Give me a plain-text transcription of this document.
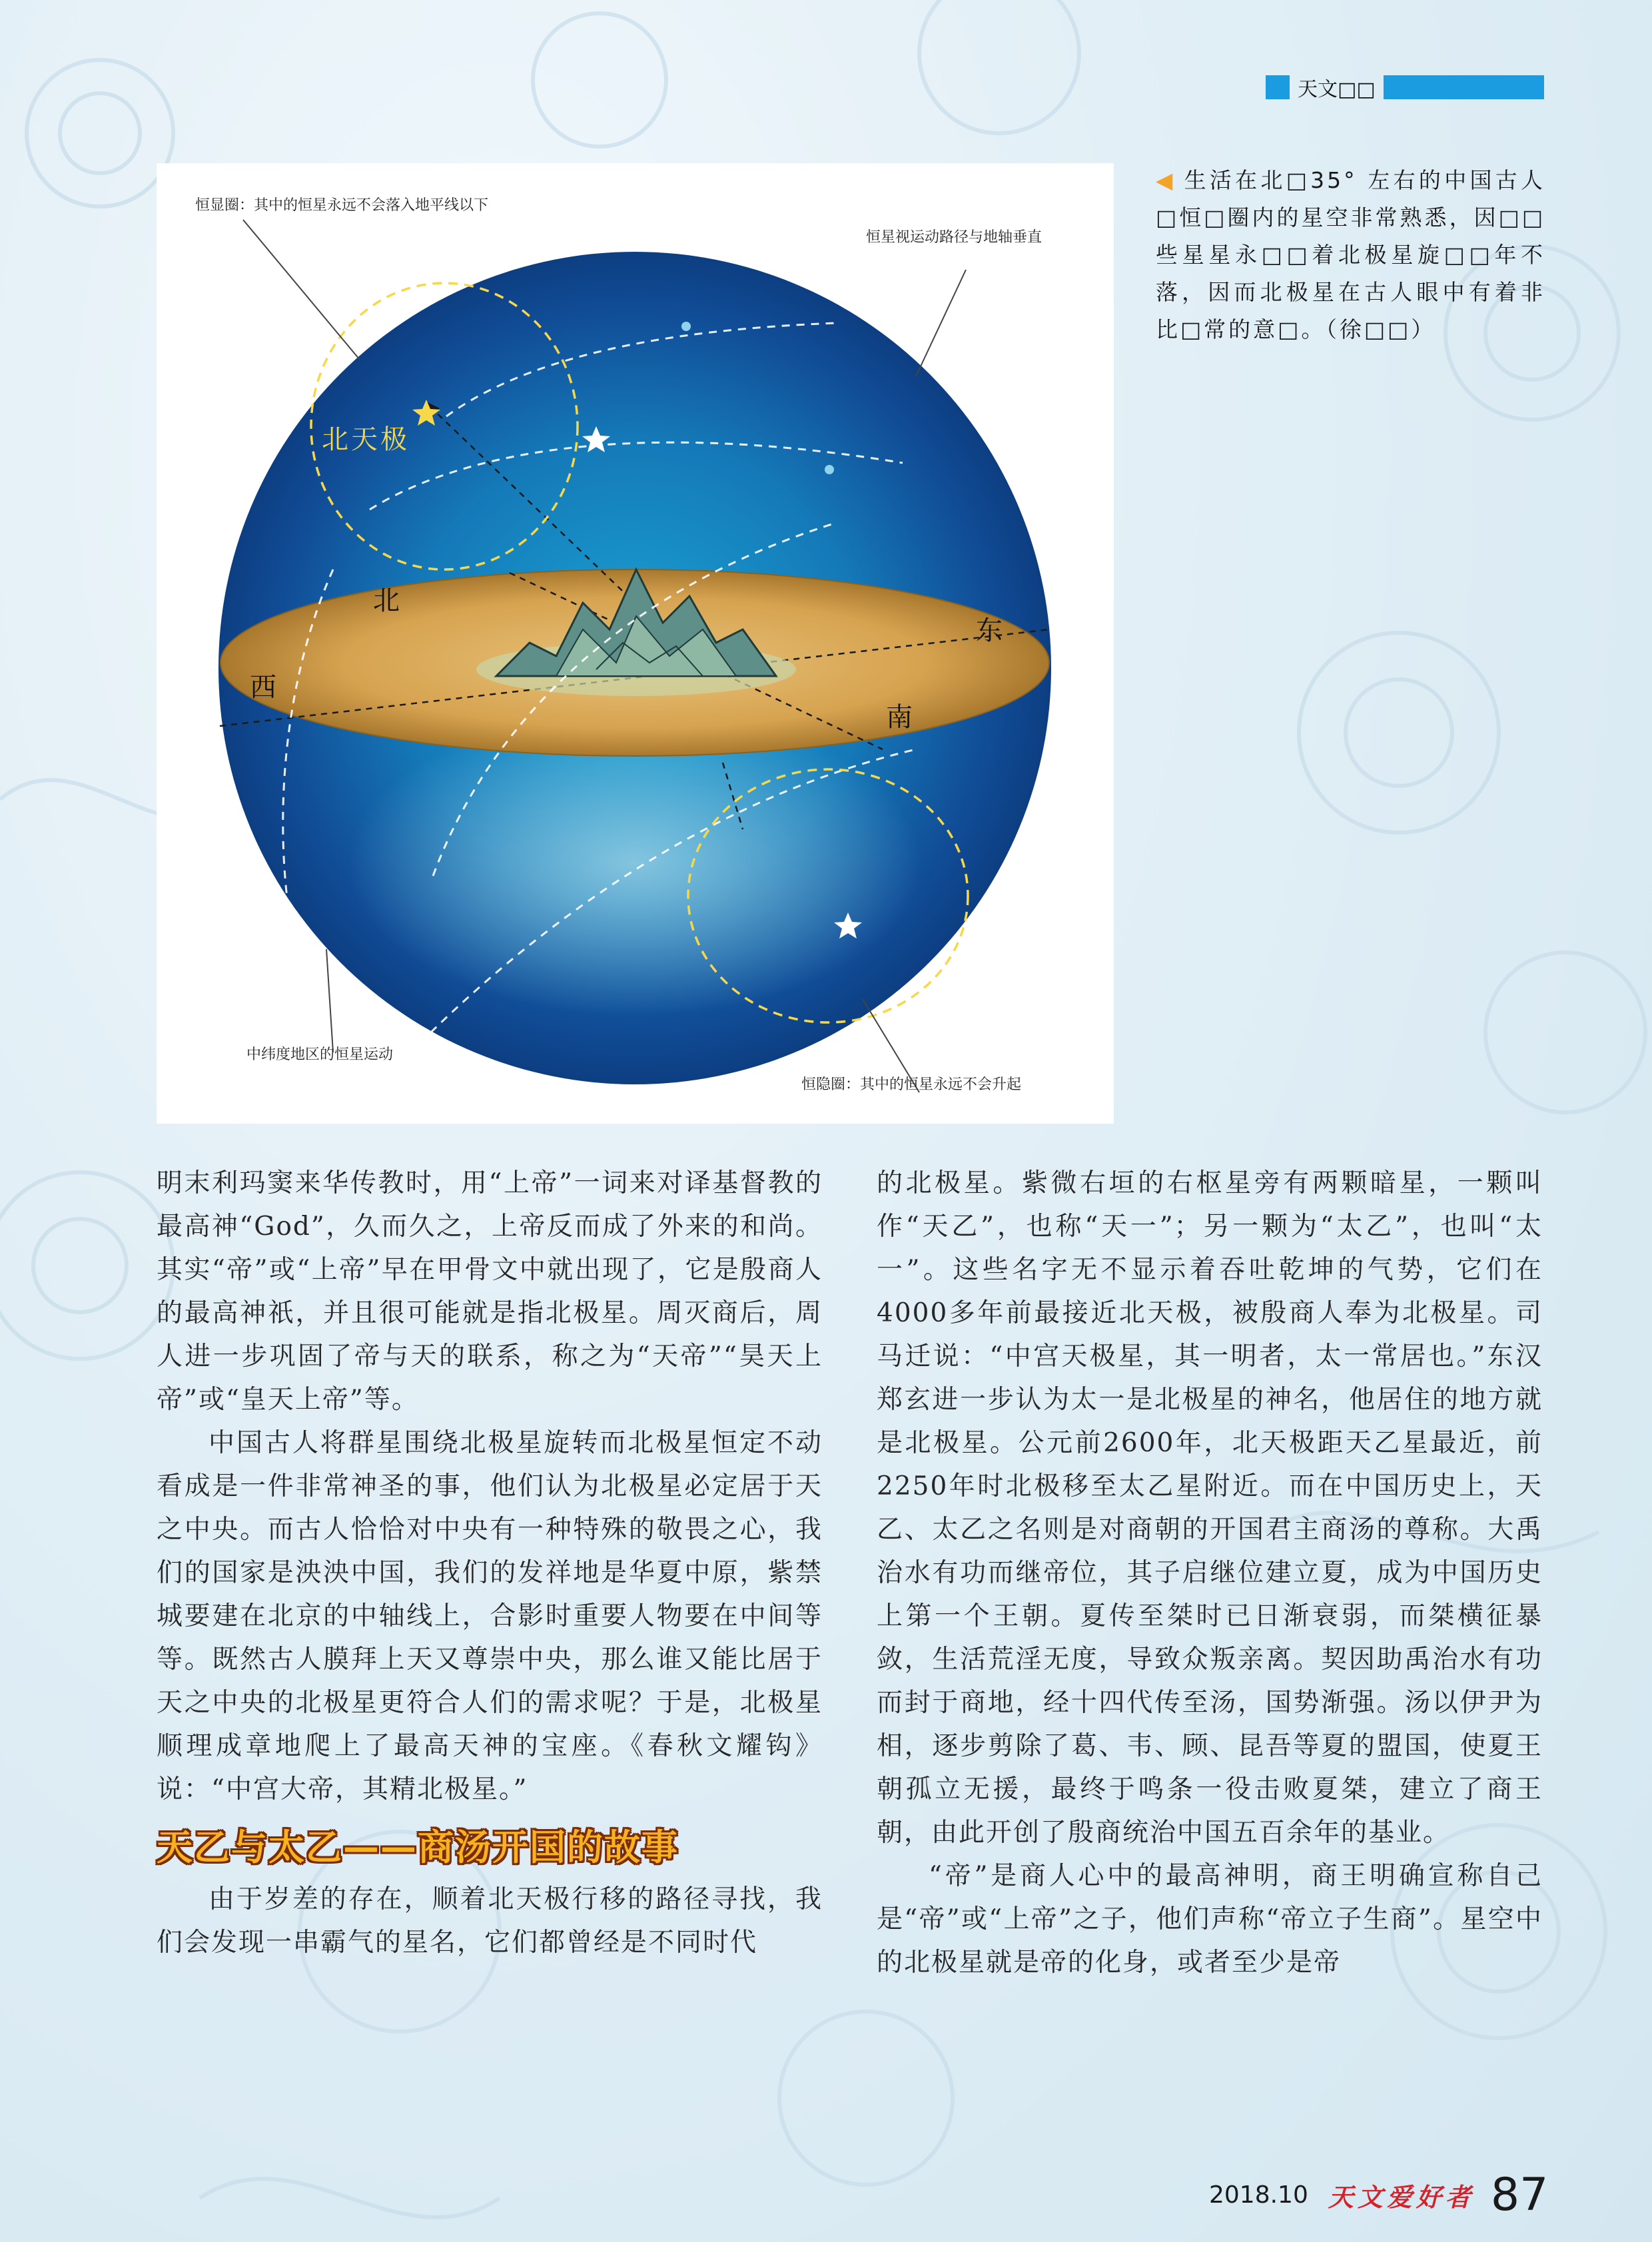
天文□□
恒显圈：其中的恒星永远不会落入地平线以下
恒星视运动路径与地轴垂直
中纬度地区的恒星运动
恒隐圈：其中的恒星永远不会升起
北天极
北
东
西
南
◀ 生活在北□35° 左右的中国古人□恒□圈内的星空非常熟悉，因□□些星星永□□着北极星旋□□年不落，因而北极星在古人眼中有着非比□常的意□。（徐□□）

明末利玛窦来华传教时，用“上帝”一词来对译基督教的最高神“God”，久而久之，上帝反而成了外来的和尚。其实“帝”或“上帝”早在甲骨文中就出现了，它是殷商人的最高神祇，并且很可能就是指北极星。周灭商后，周人进一步巩固了帝与天的联系，称之为“天帝”“昊天上帝”或“皇天上帝”等。

中国古人将群星围绕北极星旋转而北极星恒定不动看成是一件非常神圣的事，他们认为北极星必定居于天之中央。而古人恰恰对中央有一种特殊的敬畏之心，我们的国家是泱泱中国，我们的发祥地是华夏中原，紫禁城要建在北京的中轴线上，合影时重要人物要在中间等等。既然古人膜拜上天又尊崇中央，那么谁又能比居于天之中央的北极星更符合人们的需求呢？于是，北极星顺理成章地爬上了最高天神的宝座。《春秋文耀钩》说：“中宫大帝，其精北极星。”

天乙与太乙——商汤开国的故事

由于岁差的存在，顺着北天极行移的路径寻找，我们会发现一串霸气的星名，它们都曾经是不同时代

的北极星。紫微右垣的右枢星旁有两颗暗星，一颗叫作“天乙”，也称“天一”；另一颗为“太乙”，也叫“太一”。这些名字无不显示着吞吐乾坤的气势，它们在4000多年前最接近北天极，被殷商人奉为北极星。司马迁说：“中宫天极星，其一明者，太一常居也。”东汉郑玄进一步认为太一是北极星的神名，他居住的地方就是北极星。公元前2600年，北天极距天乙星最近，前2250年时北极移至太乙星附近。而在中国历史上，天乙、太乙之名则是对商朝的开国君主商汤的尊称。大禹治水有功而继帝位，其子启继位建立夏，成为中国历史上第一个王朝。夏传至桀时已日渐衰弱，而桀横征暴敛，生活荒淫无度，导致众叛亲离。契因助禹治水有功而封于商地，经十四代传至汤，国势渐强。汤以伊尹为相，逐步剪除了葛、韦、顾、昆吾等夏的盟国，使夏王朝孤立无援，最终于鸣条一役击败夏桀，建立了商王朝，由此开创了殷商统治中国五百余年的基业。

“帝”是商人心中的最高神明，商王明确宣称自己是“帝”或“上帝”之子，他们声称“帝立子生商”。星空中的北极星就是帝的化身，或者至少是帝

2018.10 天文爱好者 87
